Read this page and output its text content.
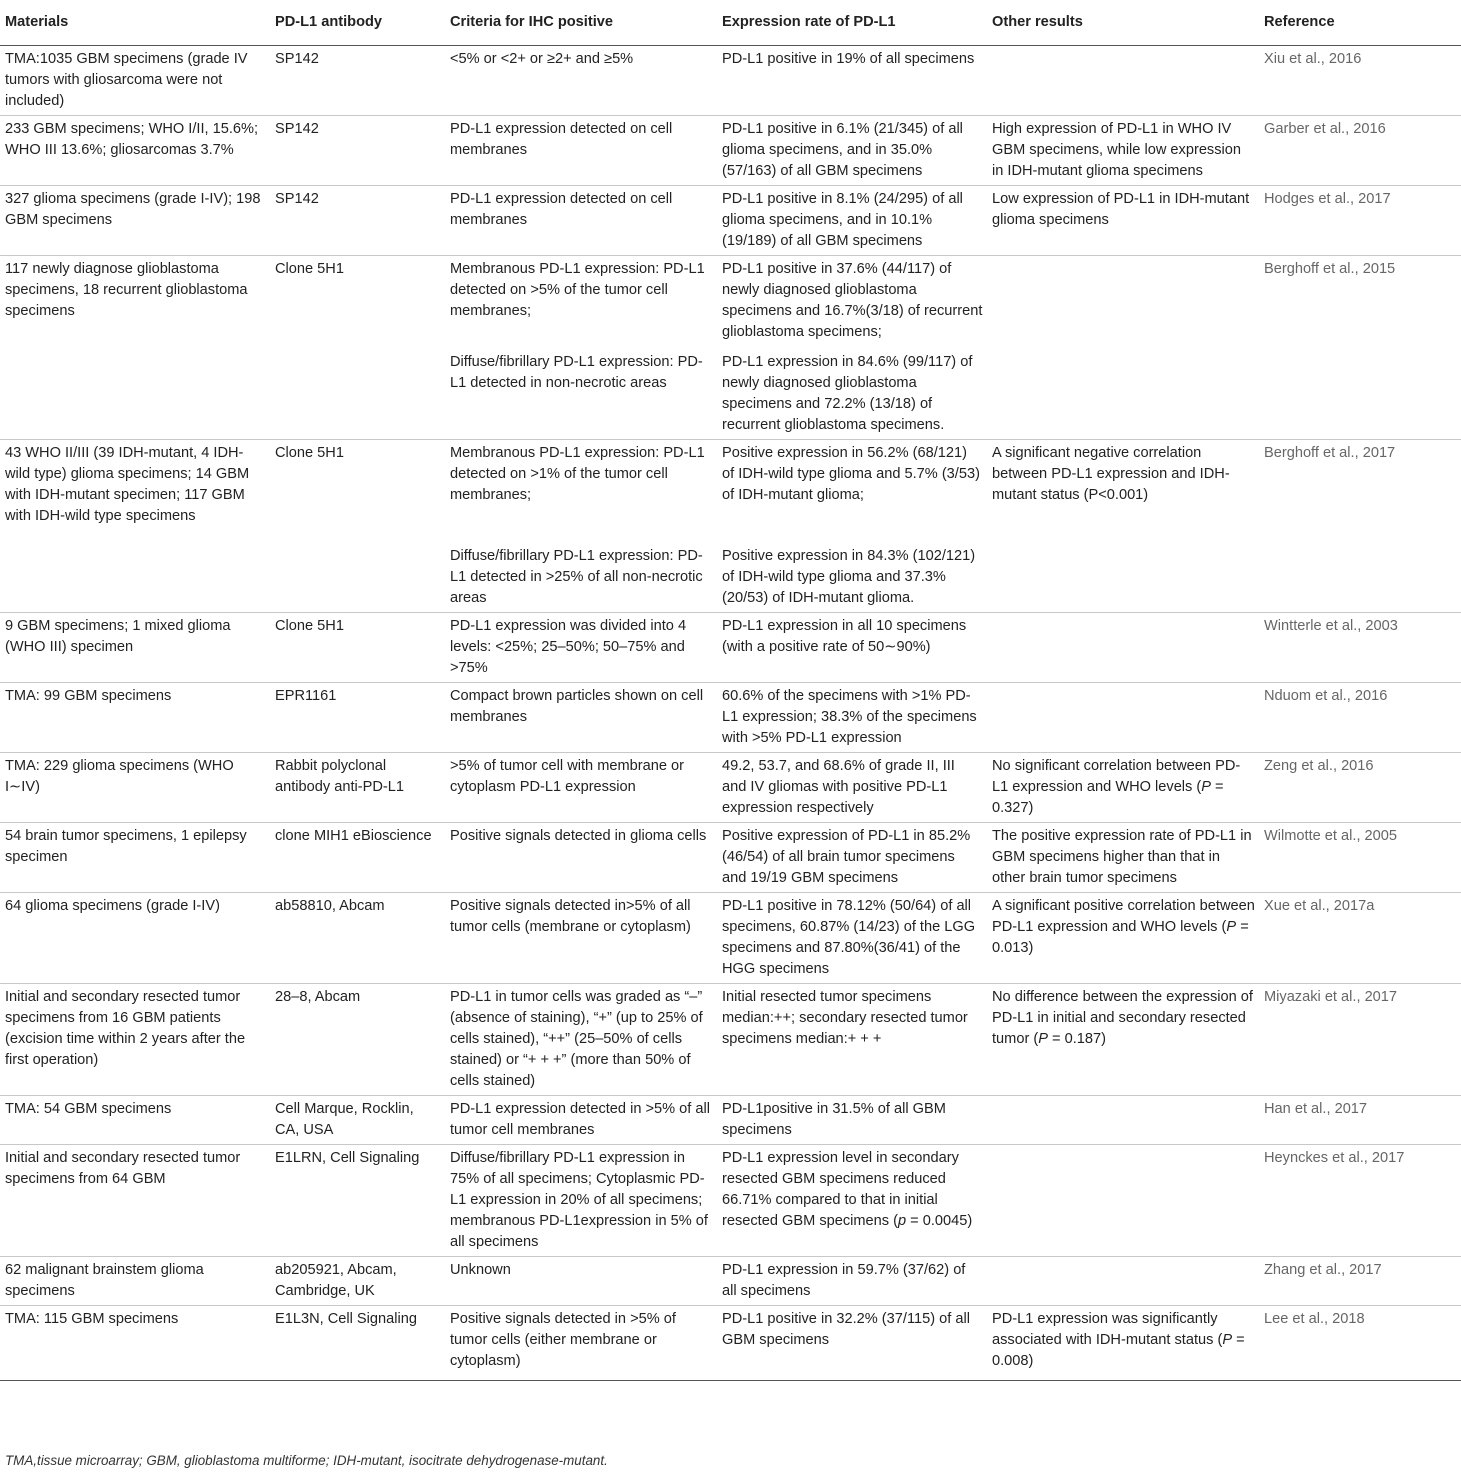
Materials	PD-L1 antibody	Criteria for IHC positive	Expression rate of PD-L1	Other results	Reference
TMA:1035 GBM specimens (grade IV tumors with gliosarcoma were not included)	SP142	<5% or <2+ or ≥2+ and ≥5%	PD-L1 positive in 19% of all specimens		Xiu et al., 2016
233 GBM specimens; WHO I/II, 15.6%; WHO III 13.6%; gliosarcomas 3.7%	SP142	PD-L1 expression detected on cell membranes	PD-L1 positive in 6.1% (21/345) of all glioma specimens, and in 35.0% (57/163) of all GBM specimens	High expression of PD-L1 in WHO IV GBM specimens, while low expression in IDH-mutant glioma specimens	Garber et al., 2016
327 glioma specimens (grade I-IV); 198 GBM specimens	SP142	PD-L1 expression detected on cell membranes	PD-L1 positive in 8.1% (24/295) of all glioma specimens, and in 10.1%(19/189) of all GBM specimens	Low expression of PD-L1 in IDH-mutant glioma specimens	Hodges et al., 2017
117 newly diagnose glioblastoma specimens, 18 recurrent glioblastoma specimens	Clone 5H1	Membranous PD-L1 expression: PD-L1 detected on >5% of the tumor cell membranes;	PD-L1 positive in 37.6% (44/117) of newly diagnosed glioblastoma specimens and 16.7%(3/18) of recurrent glioblastoma specimens;		Berghoff et al., 2015
		Diffuse/fibrillary PD-L1 expression: PD-L1 detected in non-necrotic areas	PD-L1 expression in 84.6% (99/117) of newly diagnosed glioblastoma specimens and 72.2% (13/18) of recurrent glioblastoma specimens.		
43 WHO II/III (39 IDH-mutant, 4 IDH-wild type) glioma specimens; 14 GBM with IDH-mutant specimen; 117 GBM with IDH-wild type specimens	Clone 5H1	Membranous PD-L1 expression: PD-L1 detected on >1% of the tumor cell membranes;	Positive expression in 56.2% (68/121) of IDH-wild type glioma and 5.7% (3/53) of IDH-mutant glioma;	A significant negative correlation between PD-L1 expression and IDH-mutant status (P<0.001)	Berghoff et al., 2017
		Diffuse/fibrillary PD-L1 expression: PD-L1 detected in >25% of all non-necrotic areas	Positive expression in 84.3% (102/121) of IDH-wild type glioma and 37.3%(20/53) of IDH-mutant glioma.		
9 GBM specimens; 1 mixed glioma (WHO III) specimen	Clone 5H1	PD-L1 expression was divided into 4 levels: <25%; 25–50%; 50–75% and >75%	PD-L1 expression in all 10 specimens (with a positive rate of 50∼90%)		Wintterle et al., 2003
TMA: 99 GBM specimens	EPR1161	Compact brown particles shown on cell membranes	60.6% of the specimens with >1% PD-L1 expression; 38.3% of the specimens with >5% PD-L1 expression		Nduom et al., 2016
TMA: 229 glioma specimens (WHO I∼IV)	Rabbit polyclonal antibody anti-PD-L1	>5% of tumor cell with membrane or cytoplasm PD-L1 expression	49.2, 53.7, and 68.6% of grade II, III and IV gliomas with positive PD-L1 expression respectively	No significant correlation between PD-L1 expression and WHO levels (P = 0.327)	Zeng et al., 2016
54 brain tumor specimens, 1 epilepsy specimen	clone MIH1 eBioscience	Positive signals detected in glioma cells	Positive expression of PD-L1 in 85.2%(46/54) of all brain tumor specimens and 19/19 GBM specimens	The positive expression rate of PD-L1 in GBM specimens higher than that in other brain tumor specimens	Wilmotte et al., 2005
64 glioma specimens (grade I-IV)	ab58810, Abcam	Positive signals detected in>5% of all tumor cells (membrane or cytoplasm)	PD-L1 positive in 78.12% (50/64) of all specimens, 60.87% (14/23) of the LGG specimens and 87.80%(36/41) of the HGG specimens	A significant positive correlation between PD-L1 expression and WHO levels (P = 0.013)	Xue et al., 2017a
Initial and secondary resected tumor specimens from 16 GBM patients (excision time within 2 years after the first operation)	28–8, Abcam	PD-L1 in tumor cells was graded as “–” (absence of staining), “+” (up to 25% of cells stained), “++” (25–50% of cells stained) or “+ + +” (more than 50% of cells stained)	Initial resected tumor specimens median:++; secondary resected tumor specimens median:+ + +	No difference between the expression of PD-L1 in initial and secondary resected tumor (P = 0.187)	Miyazaki et al., 2017
TMA: 54 GBM specimens	Cell Marque, Rocklin, CA, USA	PD-L1 expression detected in >5% of all tumor cell membranes	PD-L1positive in 31.5% of all GBM specimens		Han et al., 2017
Initial and secondary resected tumor specimens from 64 GBM	E1LRN, Cell Signaling	Diffuse/fibrillary PD-L1 expression in 75% of all specimens; Cytoplasmic PD-L1 expression in 20% of all specimens; membranous PD-L1expression in 5% of all specimens	PD-L1 expression level in secondary resected GBM specimens reduced 66.71% compared to that in initial resected GBM specimens (p = 0.0045)		Heynckes et al., 2017
62 malignant brainstem glioma specimens	ab205921, Abcam, Cambridge, UK	Unknown	PD-L1 expression in 59.7% (37/62) of all specimens		Zhang et al., 2017
TMA: 115 GBM specimens	E1L3N, Cell Signaling	Positive signals detected in >5% of tumor cells (either membrane or cytoplasm)	PD-L1 positive in 32.2% (37/115) of all GBM specimens	PD-L1 expression was significantly associated with IDH-mutant status (P = 0.008)	Lee et al., 2018
TMA,tissue microarray; GBM, glioblastoma multiforme; IDH-mutant, isocitrate dehydrogenase-mutant.
